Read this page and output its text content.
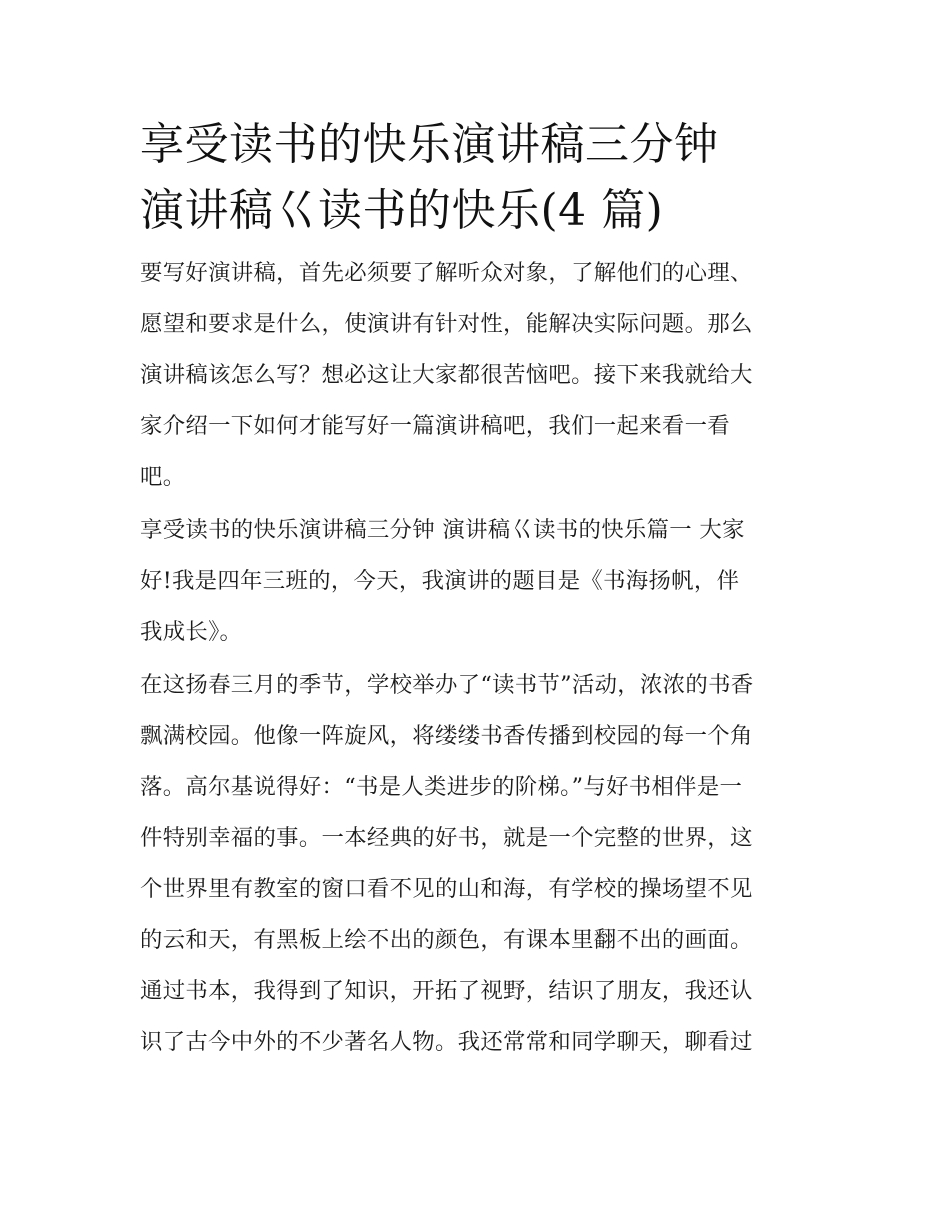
享受读书的快乐演讲稿三分钟
演讲稿巜读书的快乐(4 篇)

要写好演讲稿，首先必须要了解听众对象，了解他们的心理、
愿望和要求是什么，使演讲有针对性，能解决实际问题。那么
演讲稿该怎么写？想必这让大家都很苦恼吧。接下来我就给大
家介绍一下如何才能写好一篇演讲稿吧，我们一起来看一看
吧。

享受读书的快乐演讲稿三分钟 演讲稿巜读书的快乐篇一 大家
好!我是四年三班的，今天，我演讲的题目是《书海扬帆，伴
我成长》。

在这扬春三月的季节，学校举办了“读书节”活动，浓浓的书香
飘满校园。他像一阵旋风，将缕缕书香传播到校园的每一个角
落。高尔基说得好：“书是人类进步的阶梯。”与好书相伴是一
件特别幸福的事。一本经典的好书，就是一个完整的世界，这
个世界里有教室的窗口看不见的山和海，有学校的操场望不见
的云和天，有黑板上绘不出的颜色，有课本里翻不出的画面。
通过书本，我得到了知识，开拓了视野，结识了朋友，我还认
识了古今中外的不少著名人物。我还常常和同学聊天，聊看过
